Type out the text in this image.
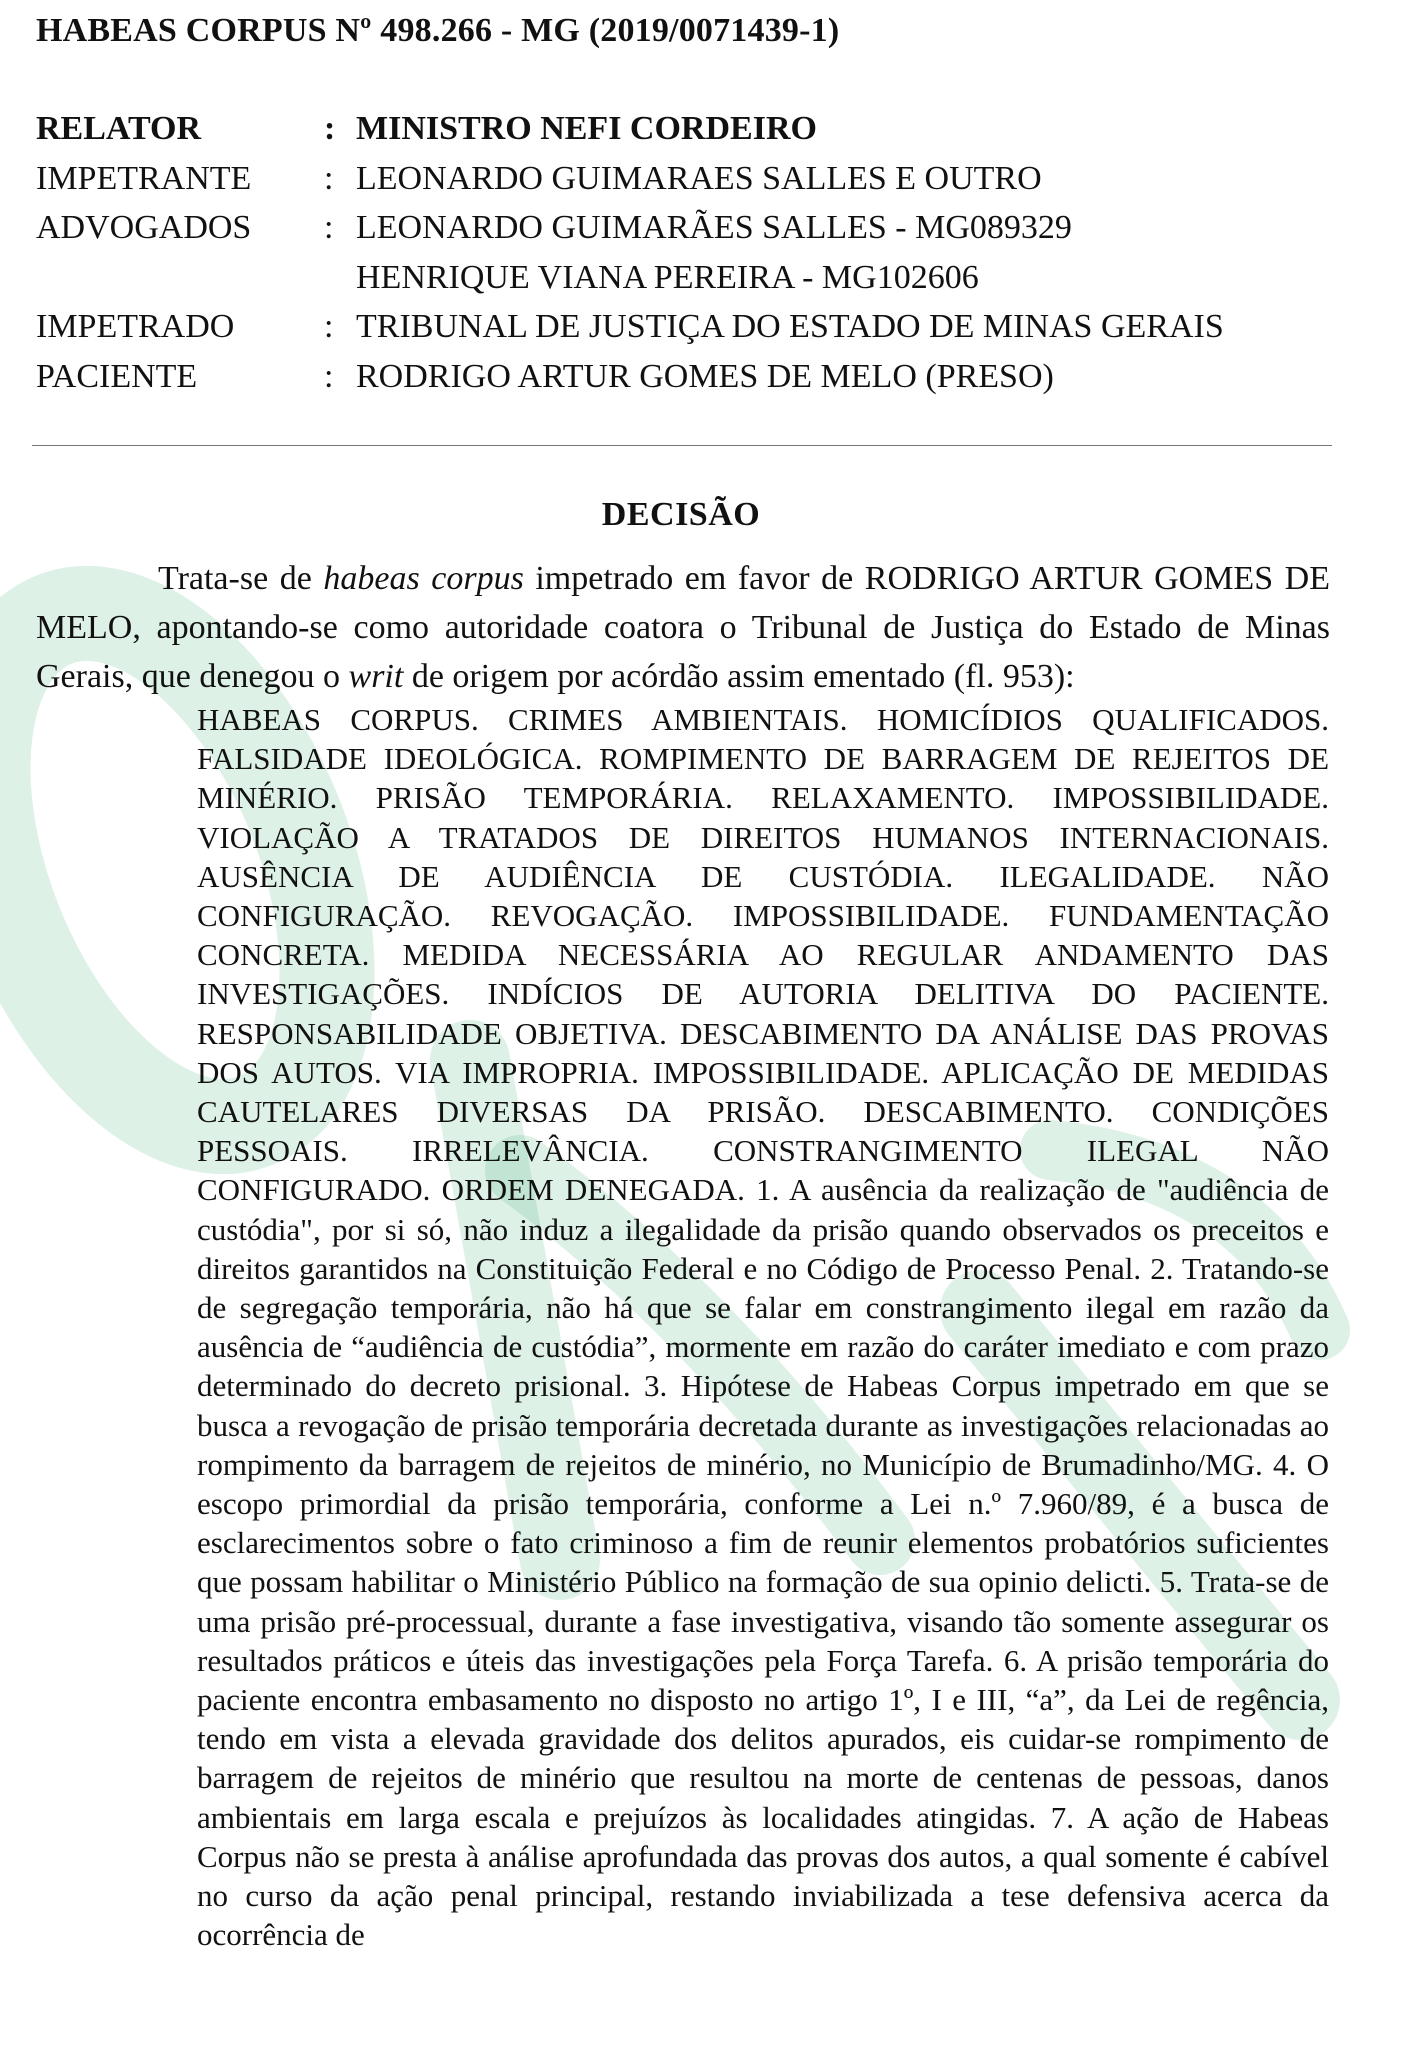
HABEAS CORPUS Nº 498.266 - MG (2019/0071439-1)
RELATOR	: MINISTRO NEFI CORDEIRO
IMPETRANTE : LEONARDO GUIMARAES SALLES E OUTRO
ADVOGADOS : LEONARDO GUIMARÃES SALLES - MG089329
HENRIQUE VIANA PEREIRA - MG102606
IMPETRADO	: TRIBUNAL DE JUSTIÇA DO ESTADO DE MINAS GERAIS
PACIENTE	: RODRIGO ARTUR GOMES DE MELO (PRESO)
DECISÃO

Trata-se de habeas corpus impetrado em favor de RODRIGO ARTUR GOMES DE MELO, apontando-se como autoridade coatora o Tribunal de Justiça do Estado de Minas Gerais, que denegou o writ de origem por acórdão assim ementado (fl. 953):

HABEAS CORPUS. CRIMES AMBIENTAIS. HOMICÍDIOS QUALIFICADOS. FALSIDADE IDEOLÓGICA. ROMPIMENTO DE BARRAGEM DE REJEITOS DE MINÉRIO. PRISÃO TEMPORÁRIA. RELAXAMENTO. IMPOSSIBILIDADE. VIOLAÇÃO A TRATADOS DE DIREITOS HUMANOS INTERNACIONAIS. AUSÊNCIA DE AUDIÊNCIA DE CUSTÓDIA. ILEGALIDADE. NÃO CONFIGURAÇÃO. REVOGAÇÃO. IMPOSSIBILIDADE. FUNDAMENTAÇÃO CONCRETA. MEDIDA NECESSÁRIA AO REGULAR ANDAMENTO DAS INVESTIGAÇÕES. INDÍCIOS DE AUTORIA DELITIVA DO PACIENTE. RESPONSABILIDADE OBJETIVA. DESCABIMENTO DA ANÁLISE DAS PROVAS DOS AUTOS. VIA IMPROPRIA. IMPOSSIBILIDADE. APLICAÇÃO DE MEDIDAS CAUTELARES DIVERSAS DA PRISÃO. DESCABIMENTO. CONDIÇÕES PESSOAIS. IRRELEVÂNCIA. CONSTRANGIMENTO ILEGAL NÃO CONFIGURADO. ORDEM DENEGADA. 1. A ausência da realização de "audiência de custódia", por si só, não induz a ilegalidade da prisão quando observados os preceitos e direitos garantidos na Constituição Federal e no Código de Processo Penal. 2. Tratando-se de segregação temporária, não há que se falar em constrangimento ilegal em razão da ausência de “audiência de custódia”, mormente em razão do caráter imediato e com prazo determinado do decreto prisional. 3. Hipótese de Habeas Corpus impetrado em que se busca a revogação de prisão temporária decretada durante as investigações relacionadas ao rompimento da barragem de rejeitos de minério, no Município de Brumadinho/MG. 4. O escopo primordial da prisão temporária, conforme a Lei n.º 7.960/89, é a busca de esclarecimentos sobre o fato criminoso a fim de reunir elementos probatórios suficientes que possam habilitar o Ministério Público na formação de sua opinio delicti. 5. Trata-se de uma prisão pré-processual, durante a fase investigativa, visando tão somente assegurar os resultados práticos e úteis das investigações pela Força Tarefa. 6. A prisão temporária do paciente encontra embasamento no disposto no artigo 1º, I e III, “a”, da Lei de regência, tendo em vista a elevada gravidade dos delitos apurados, eis cuidar-se rompimento de barragem de rejeitos de minério que resultou na morte de centenas de pessoas, danos ambientais em larga escala e prejuízos às localidades atingidas. 7. A ação de Habeas Corpus não se presta à análise aprofundada das provas dos autos, a qual somente é cabível no curso da ação penal principal, restando inviabilizada a tese defensiva acerca da ocorrência de
